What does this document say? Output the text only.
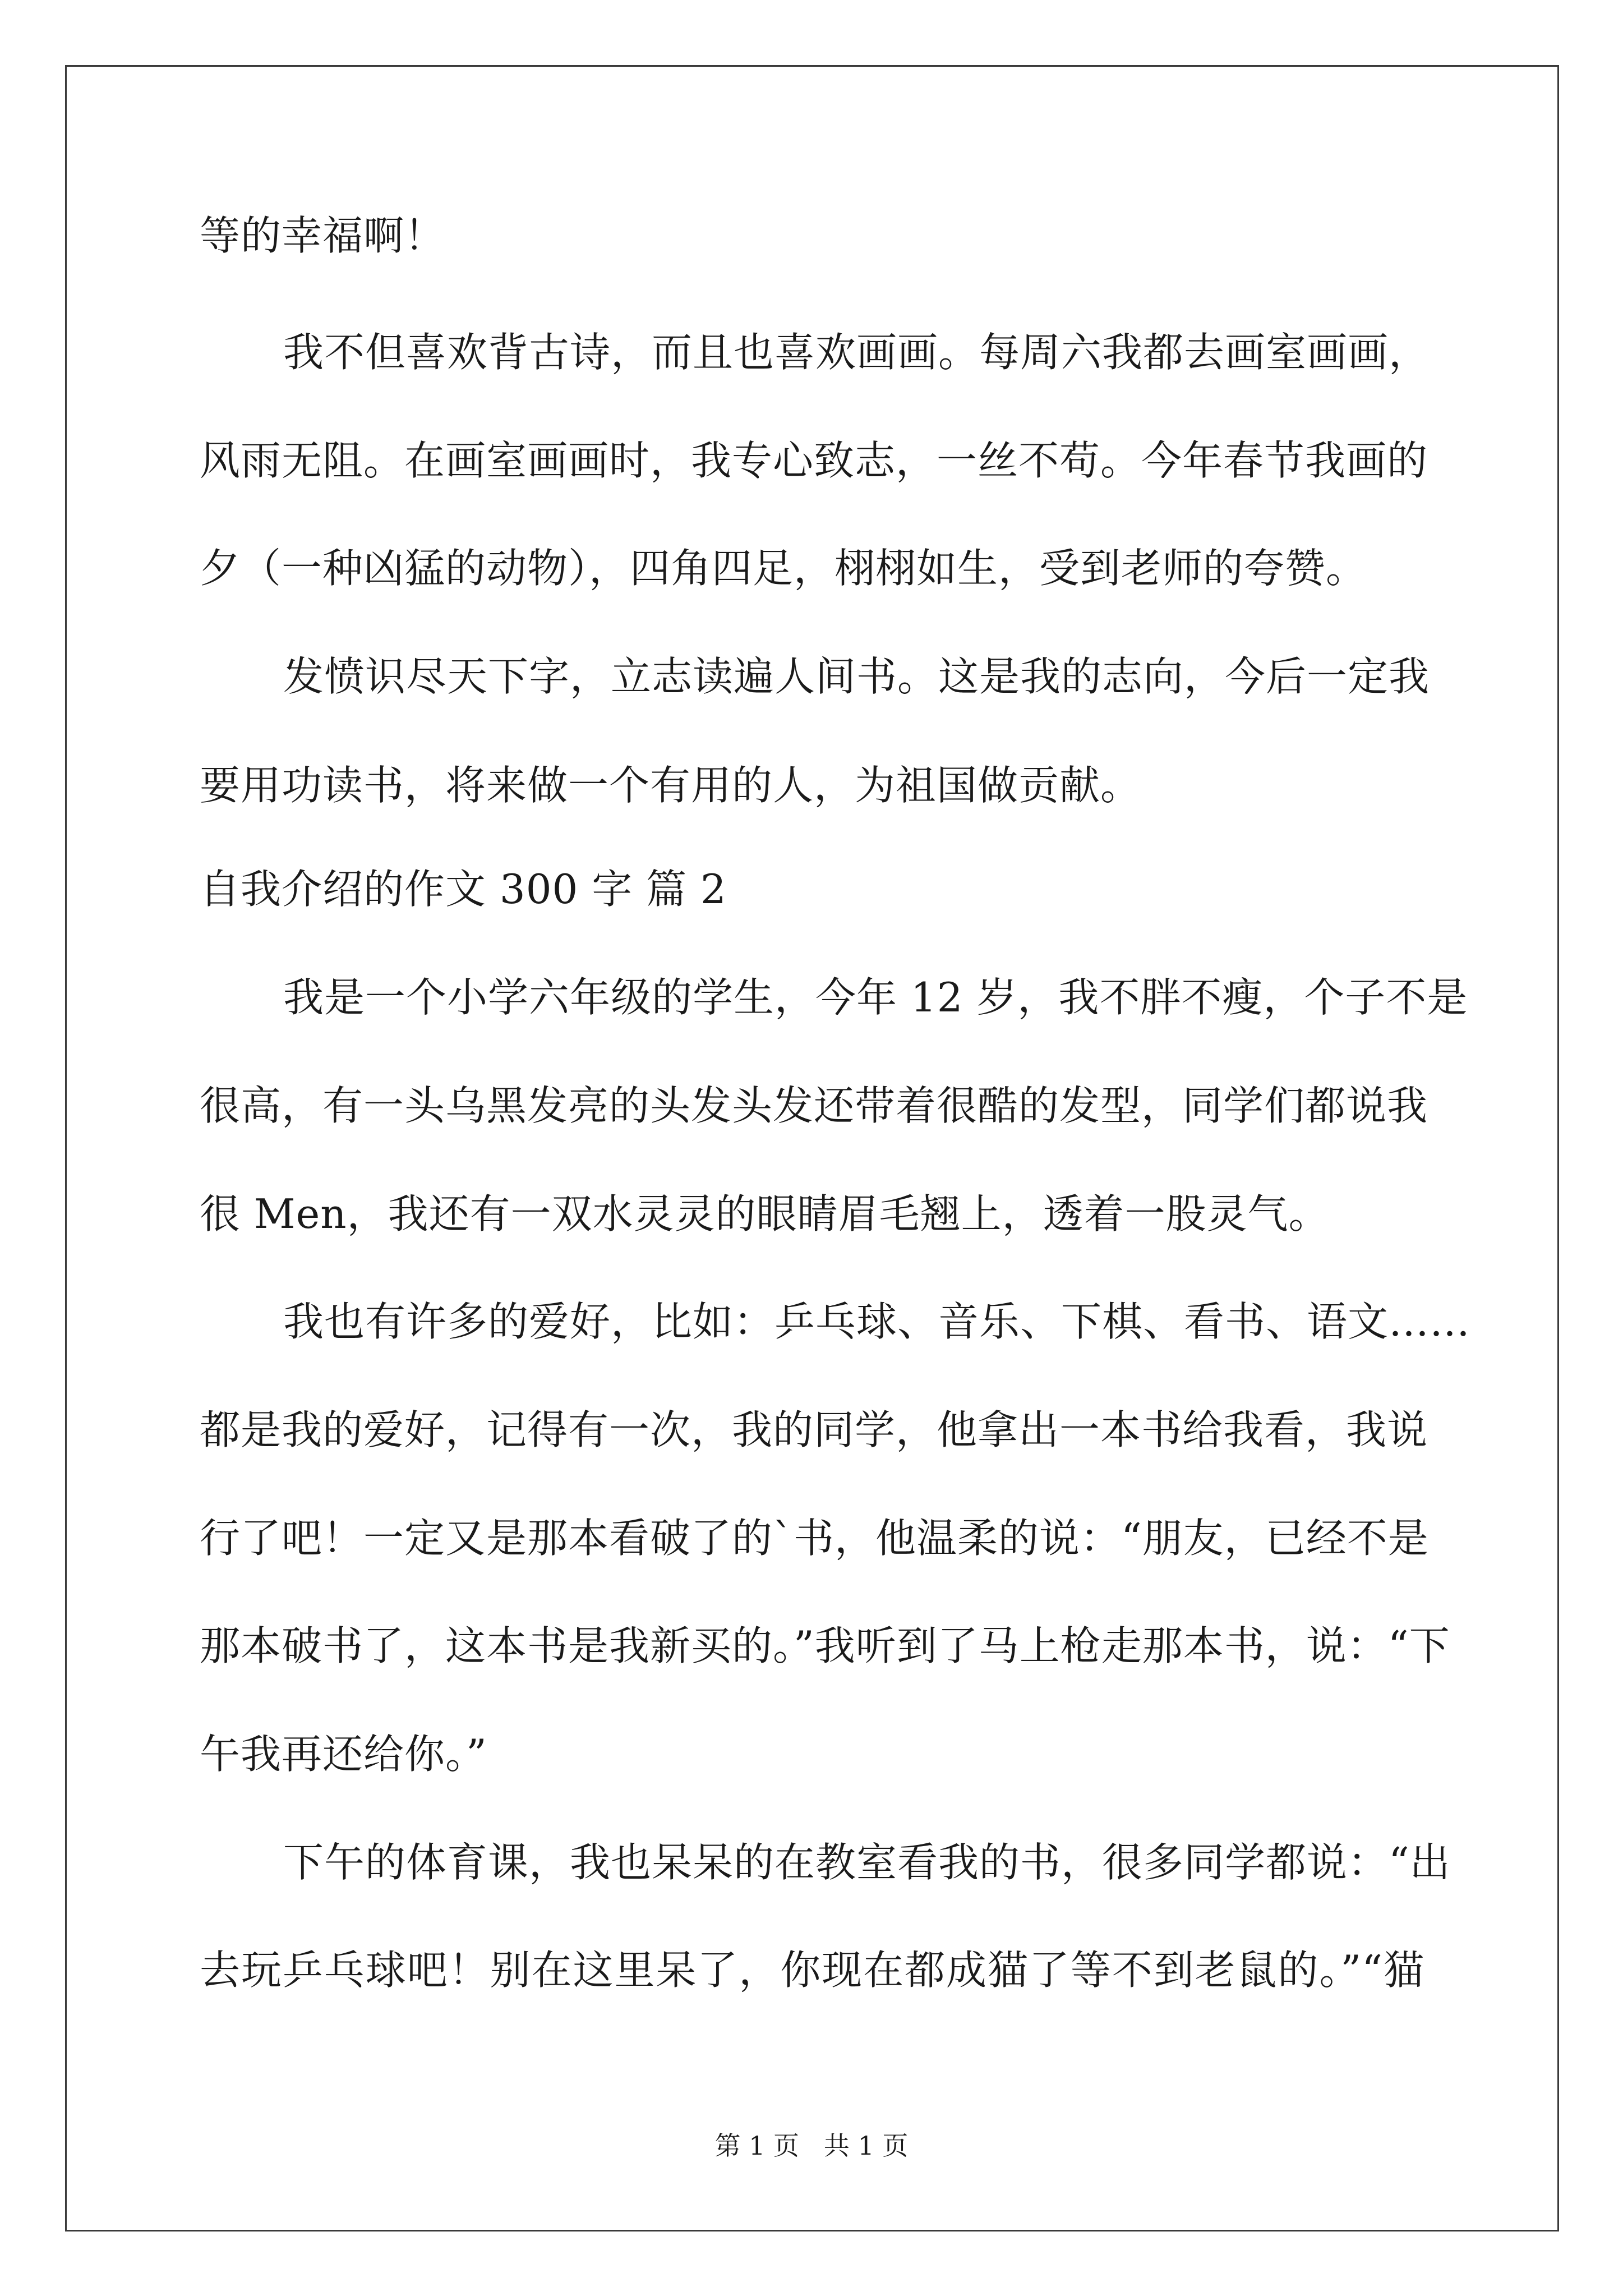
等的幸福啊！
我不但喜欢背古诗，而且也喜欢画画。每周六我都去画室画画，
风雨无阻。在画室画画时，我专心致志，一丝不苟。今年春节我画的
夕（一种凶猛的动物），四角四足，栩栩如生，受到老师的夸赞。
发愤识尽天下字，立志读遍人间书。这是我的志向，今后一定我
要用功读书，将来做一个有用的人，为祖国做贡献。
自我介绍的作文 300 字 篇 2
我是一个小学六年级的学生，今年 12 岁，我不胖不瘦，个子不是
很高，有一头乌黑发亮的头发头发还带着很酷的发型，同学们都说我
很 Men，我还有一双水灵灵的眼睛眉毛翘上，透着一股灵气。
我也有许多的爱好，比如：乒乓球、音乐、下棋、看书、语文……
都是我的爱好，记得有一次，我的同学，他拿出一本书给我看，我说
行了吧！一定又是那本看破了的`书，他温柔的说：“朋友，已经不是
那本破书了，这本书是我新买的。”我听到了马上枪走那本书，说：“下
午我再还给你。”
下午的体育课，我也呆呆的在教室看我的书，很多同学都说：“出
去玩乒乓球吧！别在这里呆了，你现在都成猫了等不到老鼠的。”“猫
第 1 页   共 1 页
